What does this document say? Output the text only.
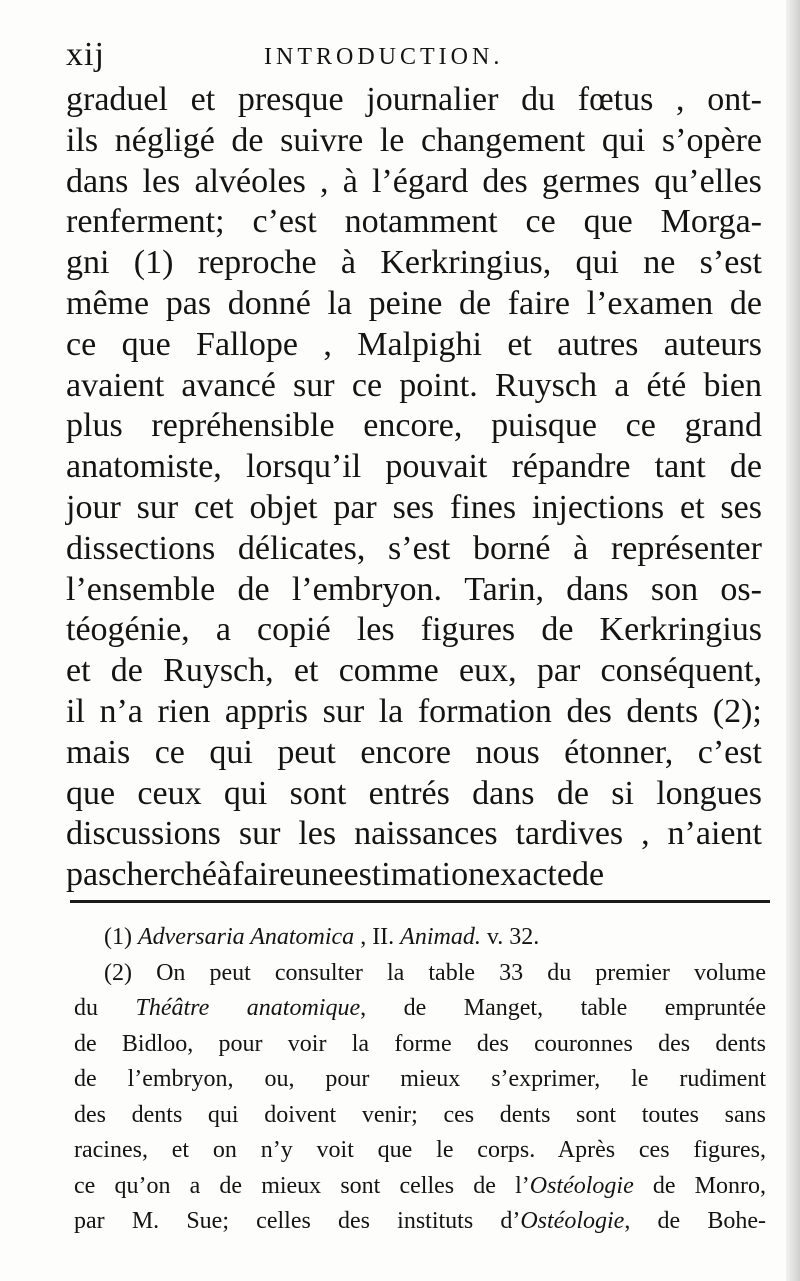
xij	INTRODUCTION.
graduel et presque journalier du fœtus , ont-
ils négligé de suivre le changement qui s’opère
dans les alvéoles , à l’égard des germes qu’elles
renferment; c’est notamment ce que Morga-
gni (1) reproche à Kerkringius, qui ne s’est
même pas donné la peine de faire l’examen de
ce que Fallope , Malpighi et autres auteurs
avaient avancé sur ce point. Ruysch a été bien
plus repréhensible encore, puisque ce grand
anatomiste, lorsqu’il pouvait répandre tant de
jour sur cet objet par ses fines injections et ses
dissections délicates, s’est borné à représenter
l’ensemble de l’embryon. Tarin, dans son os-
téogénie, a copié les figures de Kerkringius
et de Ruysch, et comme eux, par conséquent,
il n’a rien appris sur la formation des dents (2);
mais ce qui peut encore nous étonner, c’est
que ceux qui sont entrés dans de si longues
discussions sur les naissances tardives , n’aient
pas cherché à faire une estimation exacte de
(1)
Adversaria Anatomica
, II.
Animad.
v. 32.
(2) On peut consulter la table 33 du premier volume
du Théâtre anatomique, de Manget, table empruntée
de Bidloo, pour voir la forme des couronnes des dents
de l’embryon, ou, pour mieux s’exprimer, le rudiment
des dents qui doivent venir; ces dents sont toutes sans
racines, et on n’y voit que le corps. Après ces figures,
ce qu’on a de mieux sont celles de l’Ostéologie de Monro,
par M. Sue; celles des instituts d’Ostéologie, de Bohe-
